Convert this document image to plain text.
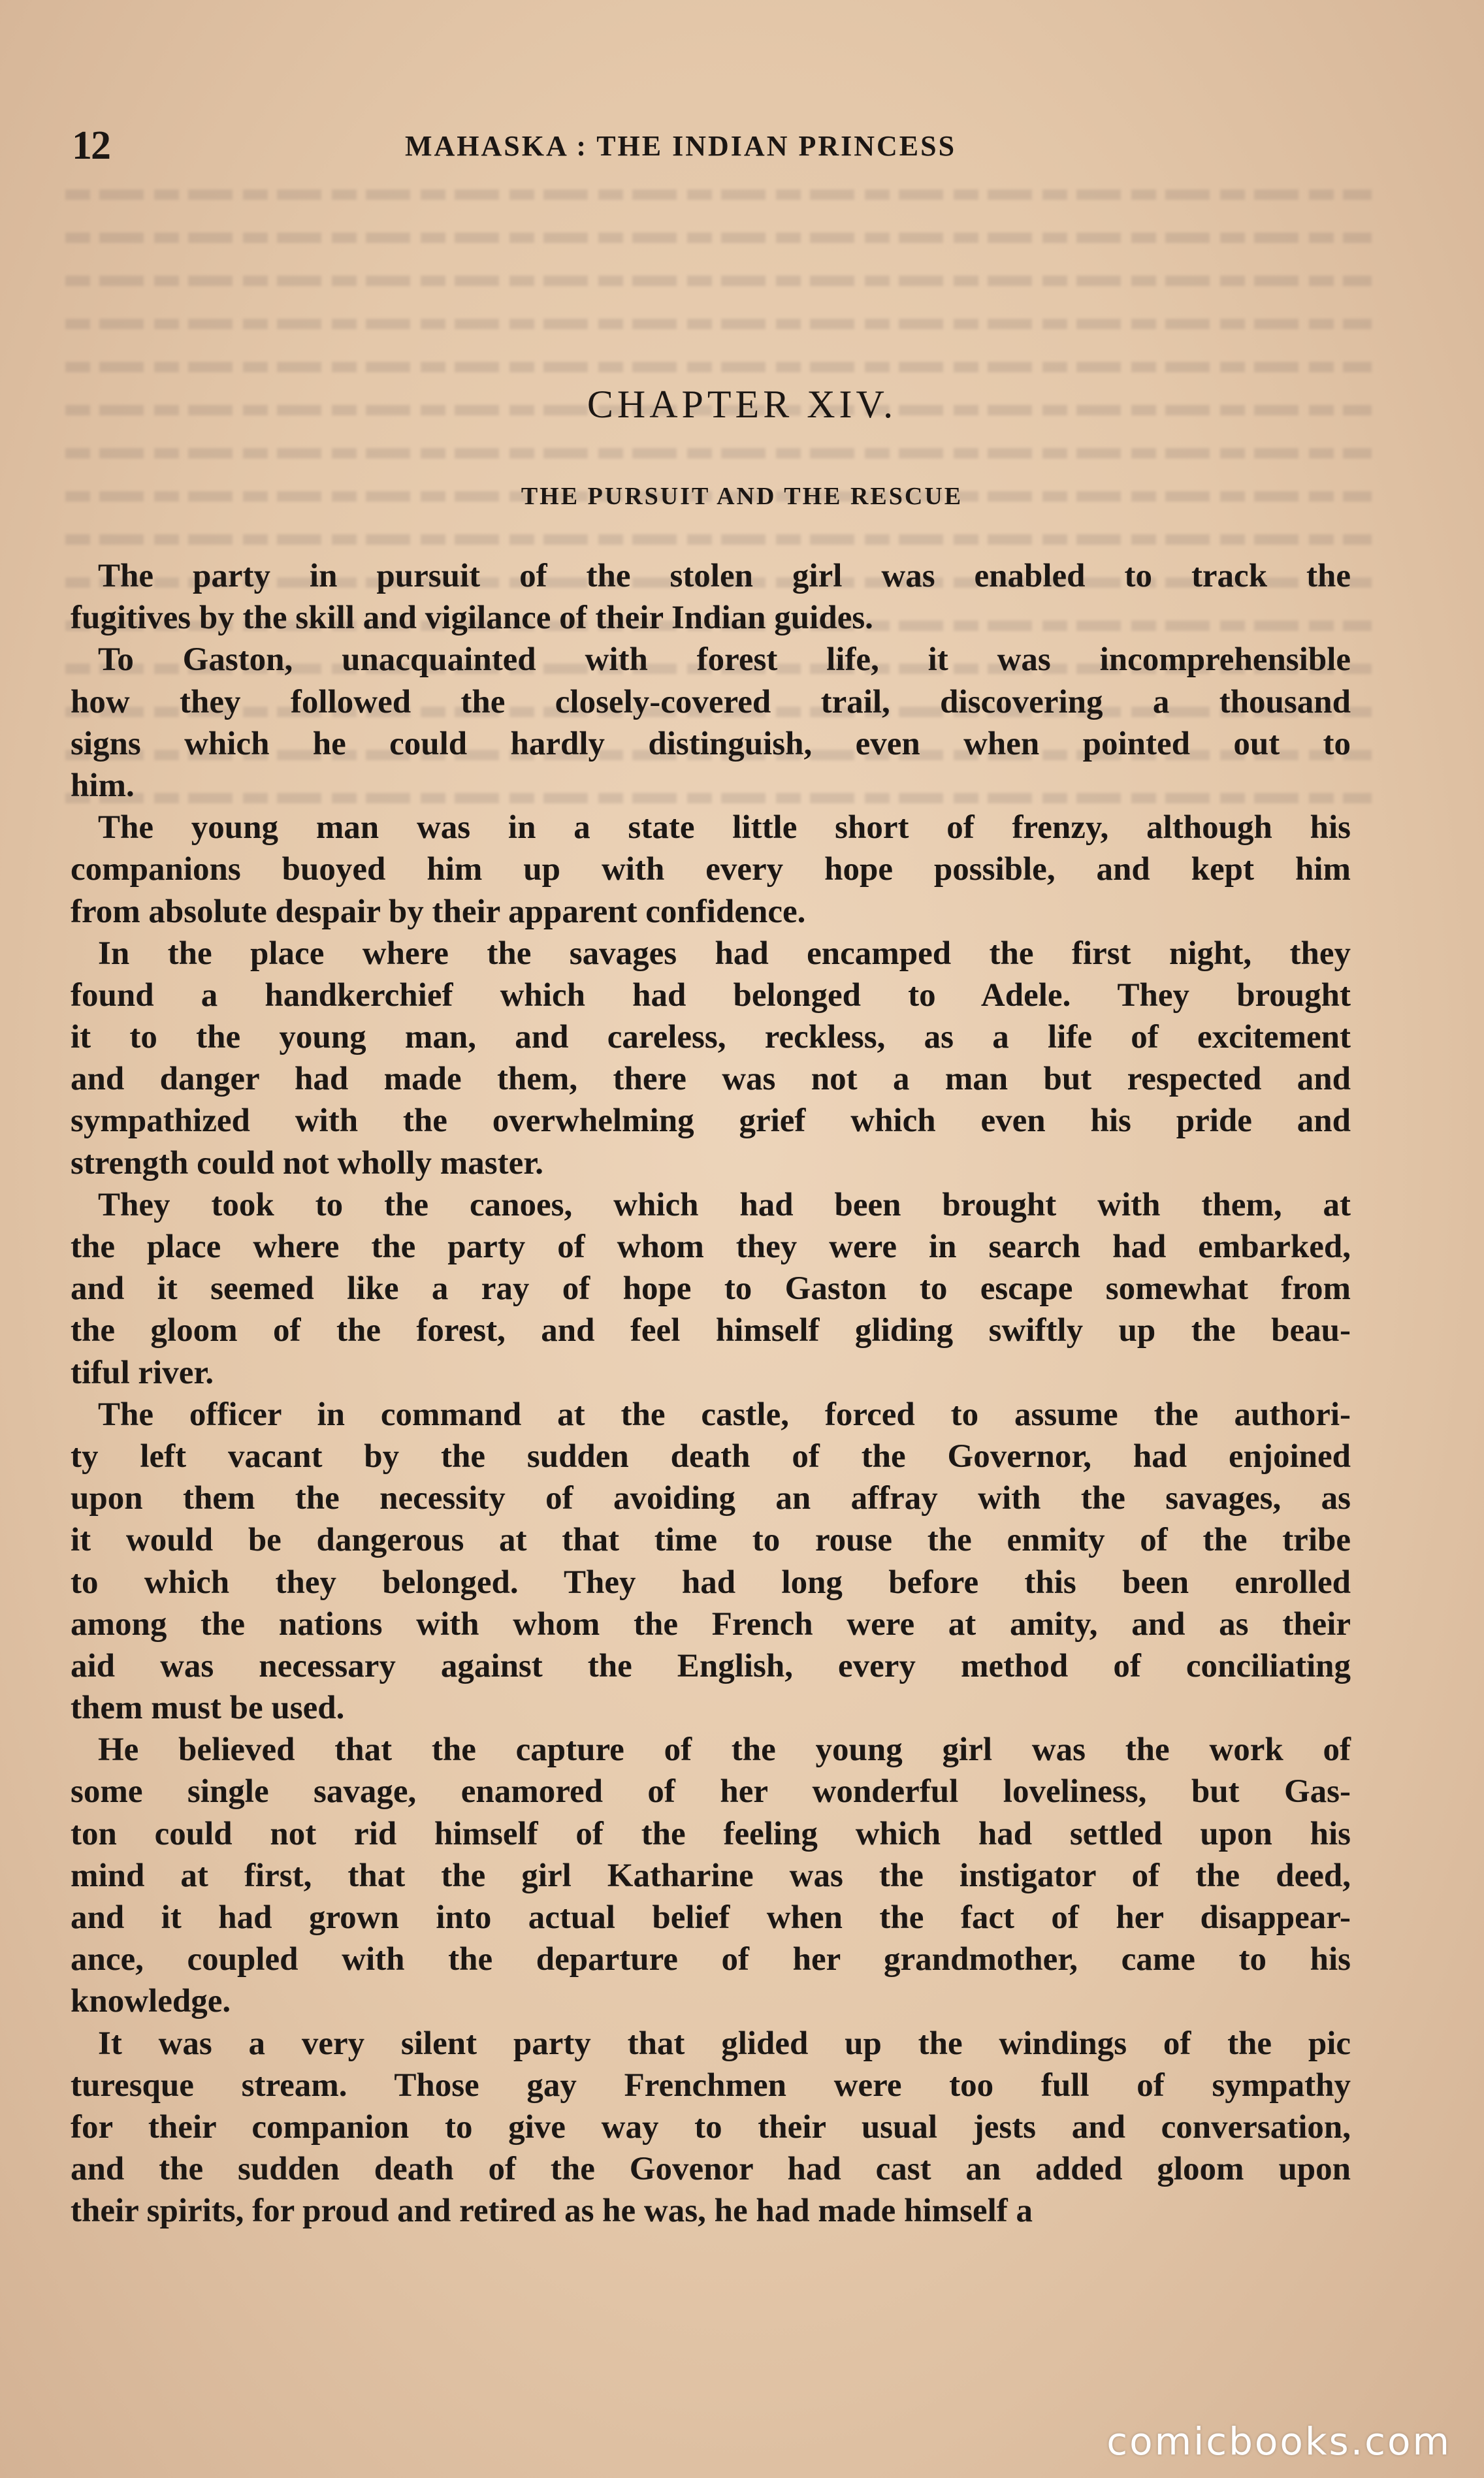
12	MAHASKA : THE INDIAN PRINCESS
CHAPTER XIV.
THE PURSUIT AND THE RESCUE
The party in pursuit of the stolen girl was enabled to track the
fugitives by the skill and vigilance of their Indian guides.
To Gaston, unacquainted with forest life, it was incomprehensible
how they followed the closely-covered trail, discovering a thousand
signs which he could hardly distinguish, even when pointed out to
him.
The young man was in a state little short of frenzy, although his
companions buoyed him up with every hope possible, and kept him
from absolute despair by their apparent confidence.
In the place where the savages had encamped the first night, they
found a handkerchief which had belonged to Adele. They brought
it to the young man, and careless, reckless, as a life of excitement
and danger had made them, there was not a man but respected and
sympathized with the overwhelming grief which even his pride and
strength could not wholly master.
They took to the canoes, which had been brought with them, at
the place where the party of whom they were in search had embarked,
and it seemed like a ray of hope to Gaston to escape somewhat from
the gloom of the forest, and feel himself gliding swiftly up the beau-
tiful river.
The officer in command at the castle, forced to assume the authori-
ty left vacant by the sudden death of the Governor, had enjoined
upon them the necessity of avoiding an affray with the savages, as
it would be dangerous at that time to rouse the enmity of the tribe
to which they belonged. They had long before this been enrolled
among the nations with whom the French were at amity, and as their
aid was necessary against the English, every method of conciliating
them must be used.
He believed that the capture of the young girl was the work of
some single savage, enamored of her wonderful loveliness, but Gas-
ton could not rid himself of the feeling which had settled upon his
mind at first, that the girl Katharine was the instigator of the deed,
and it had grown into actual belief when the fact of her disappear-
ance, coupled with the departure of her grandmother, came to his
knowledge.
It was a very silent party that glided up the windings of the pic
turesque stream. Those gay Frenchmen were too full of sympathy
for their companion to give way to their usual jests and conversation,
and the sudden death of the Govenor had cast an added gloom upon
their spirits, for proud and retired as he was, he had made himself a
comicbooks.com
